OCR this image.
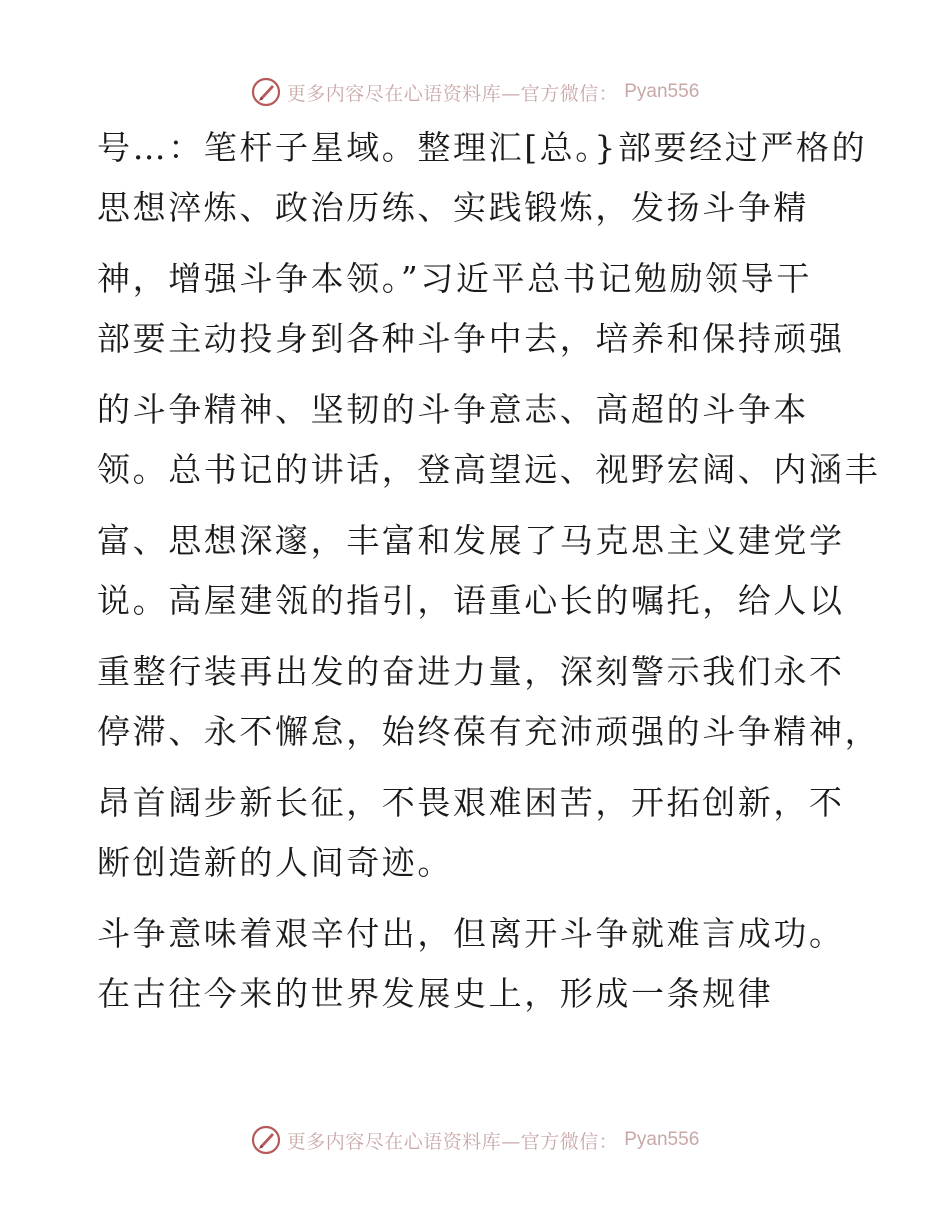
更多内容尽在心语资料库—官方微信： Pyan556
号…：笔杆子星域。整理汇[总。}部要经过严格的
思想淬炼、政治历练、实践锻炼，发扬斗争精
神，增强斗争本领。”习近平总书记勉励领导干
部要主动投身到各种斗争中去，培养和保持顽强
的斗争精神、坚韧的斗争意志、高超的斗争本
领。总书记的讲话，登高望远、视野宏阔、内涵丰
富、思想深邃，丰富和发展了马克思主义建党学
说。高屋建瓴的指引，语重心长的嘱托，给人以
重整行装再出发的奋进力量，深刻警示我们永不
停滞、永不懈怠，始终葆有充沛顽强的斗争精神，
昂首阔步新长征，不畏艰难困苦，开拓创新，不
断创造新的人间奇迹。
斗争意味着艰辛付出，但离开斗争就难言成功。
在古往今来的世界发展史上，形成一条规律
更多内容尽在心语资料库—官方微信： Pyan556
